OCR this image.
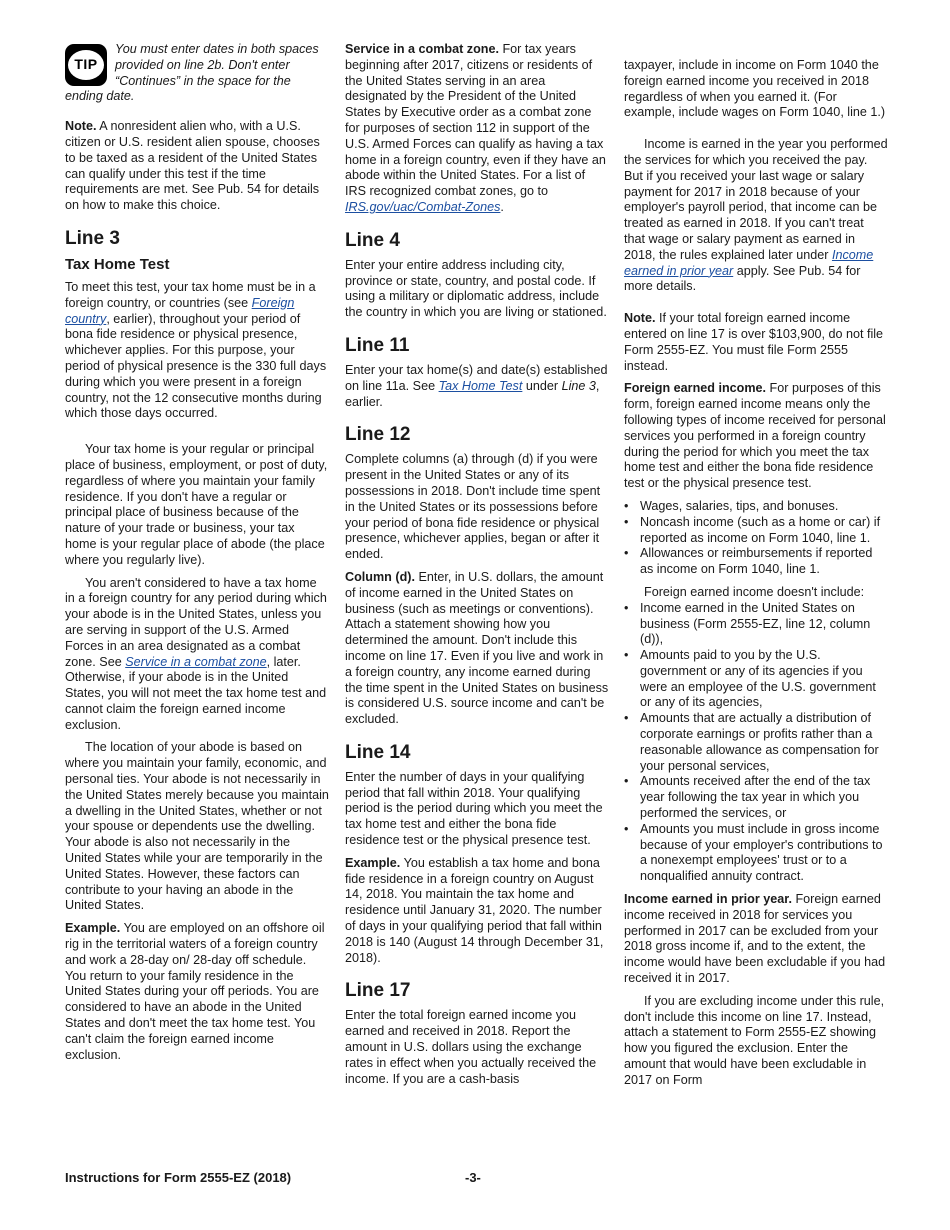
TIP

You must enter dates in both spaces provided on line 2b. Don't enter “Continues” in the space for the ending date.

Note. A nonresident alien who, with a U.S. citizen or U.S. resident alien spouse, chooses to be taxed as a resident of the United States can qualify under this test if the time requirements are met. See Pub. 54 for details on how to make this choice.

Line 3
Tax Home Test

To meet this test, your tax home must be in a foreign country, or countries (see Foreign country, earlier), throughout your period of bona fide residence or physical presence, whichever applies. For this purpose, your period of physical presence is the 330 full days during which you were present in a foreign country, not the 12 consecutive months during which those days occurred.

Your tax home is your regular or principal place of business, employment, or post of duty, regardless of where you maintain your family residence. If you don't have a regular or principal place of business because of the nature of your trade or business, your tax home is your regular place of abode (the place where you regularly live).

You aren't considered to have a tax home in a foreign country for any period during which your abode is in the United States, unless you are serving in support of the U.S. Armed Forces in an area designated as a combat zone. See Service in a combat zone, later. Otherwise, if your abode is in the United States, you will not meet the tax home test and cannot claim the foreign earned income exclusion.

The location of your abode is based on where you maintain your family, economic, and personal ties. Your abode is not necessarily in the United States merely because you maintain a dwelling in the United States, whether or not your spouse or dependents use the dwelling. Your abode is also not necessarily in the United States while your are temporarily in the United States. However, these factors can contribute to your having an abode in the United States.

Example. You are employed on an offshore oil rig in the territorial waters of a foreign country and work a 28-day on/ 28-day off schedule. You return to your family residence in the United States during your off periods. You are considered to have an abode in the United States and don't meet the tax home test. You can't claim the foreign earned income exclusion.

Service in a combat zone. For tax years beginning after 2017, citizens or residents of the United States serving in an area designated by the President of the United States by Executive order as a combat zone for purposes of section 112 in support of the U.S. Armed Forces can qualify as having a tax home in a foreign country, even if they have an abode within the United States. For a list of IRS recognized combat zones, go to IRS.gov/uac/Combat-Zones.

Line 4

Enter your entire address including city, province or state, country, and postal code. If using a military or diplomatic address, include the country in which you are living or stationed.

Line 11

Enter your tax home(s) and date(s) established on line 11a. See Tax Home Test under Line 3, earlier.

Line 12

Complete columns (a) through (d) if you were present in the United States or any of its possessions in 2018. Don't include time spent in the United States or its possessions before your period of bona fide residence or physical presence, whichever applies, began or after it ended.

Column (d). Enter, in U.S. dollars, the amount of income earned in the United States on business (such as meetings or conventions). Attach a statement showing how you determined the amount. Don't include this income on line 17. Even if you live and work in a foreign country, any income earned during the time spent in the United States on business is considered U.S. source income and can't be excluded.

Line 14

Enter the number of days in your qualifying period that fall within 2018. Your qualifying period is the period during which you meet the tax home test and either the bona fide residence test or the physical presence test.

Example. You establish a tax home and bona fide residence in a foreign country on August 14, 2018. You maintain the tax home and residence until January 31, 2020. The number of days in your qualifying period that fall within 2018 is 140 (August 14 through December 31, 2018).

Line 17

Enter the total foreign earned income you earned and received in 2018. Report the amount in U.S. dollars using the exchange rates in effect when you actually received the income. If you are a cash-basis

taxpayer, include in income on Form 1040 the foreign earned income you received in 2018 regardless of when you earned it. (For example, include wages on Form 1040, line 1.)

Income is earned in the year you performed the services for which you received the pay. But if you received your last wage or salary payment for 2017 in 2018 because of your employer's payroll period, that income can be treated as earned in 2018. If you can't treat that wage or salary payment as earned in 2018, the rules explained later under Income earned in prior year apply. See Pub. 54 for more details.

Note. If your total foreign earned income entered on line 17 is over $103,900, do not file Form 2555-EZ. You must file Form 2555 instead.

Foreign earned income. For purposes of this form, foreign earned income means only the following types of income received for personal services you performed in a foreign country during the period for which you meet the tax home test and either the bona fide residence test or the physical presence test.

• Wages, salaries, tips, and bonuses.
• Noncash income (such as a home or car) if reported as income on Form 1040, line 1.
• Allowances or reimbursements if reported as income on Form 1040, line 1.

Foreign earned income doesn't include:

• Income earned in the United States on business (Form 2555-EZ, line 12, column (d)),
• Amounts paid to you by the U.S. government or any of its agencies if you were an employee of the U.S. government or any of its agencies,
• Amounts that are actually a distribution of corporate earnings or profits rather than a reasonable allowance as compensation for your personal services,
• Amounts received after the end of the tax year following the tax year in which you performed the services, or
• Amounts you must include in gross income because of your employer's contributions to a nonexempt employees' trust or to a nonqualified annuity contract.

Income earned in prior year. Foreign earned income received in 2018 for services you performed in 2017 can be excluded from your 2018 gross income if, and to the extent, the income would have been excludable if you had received it in 2017.

If you are excluding income under this rule, don't include this income on line 17. Instead, attach a statement to Form 2555-EZ showing how you figured the exclusion. Enter the amount that would have been excludable in 2017 on Form

Instructions for Form 2555-EZ (2018)	-3-
